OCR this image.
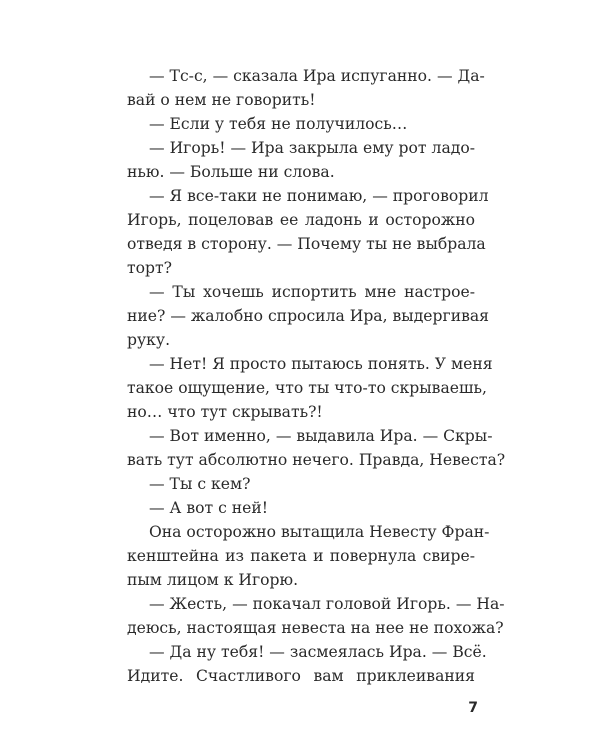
— Тс-с, — сказала Ира испуганно. — Да-
вай о нем не говорить!
— Если у тебя не получилось…
— Игорь! — Ира закрыла ему рот ладо-
нью. — Больше ни слова.
— Я все-таки не понимаю, — проговорил
Игорь, поцеловав ее ладонь и осторожно
отведя в сторону. — Почему ты не выбрала
торт?
— Ты хочешь испортить мне настрое-
ние? — жалобно спросила Ира, выдергивая
руку.
— Нет! Я просто пытаюсь понять. У меня
такое ощущение, что ты что-то скрываешь,
но… что тут скрывать?!
— Вот именно, — выдавила Ира. — Скры-
вать тут абсолютно нечего. Правда, Невеста?
— Ты с кем?
— А вот с ней!
Она осторожно вытащила Невесту Фран-
кенштейна из пакета и повернула свире-
пым лицом к Игорю.
— Жесть, — покачал головой Игорь. — На-
деюсь, настоящая невеста на нее не похожа?
— Да ну тебя! — засмеялась Ира. — Всё.
Идите. Счастливого вам приклеивания
7
